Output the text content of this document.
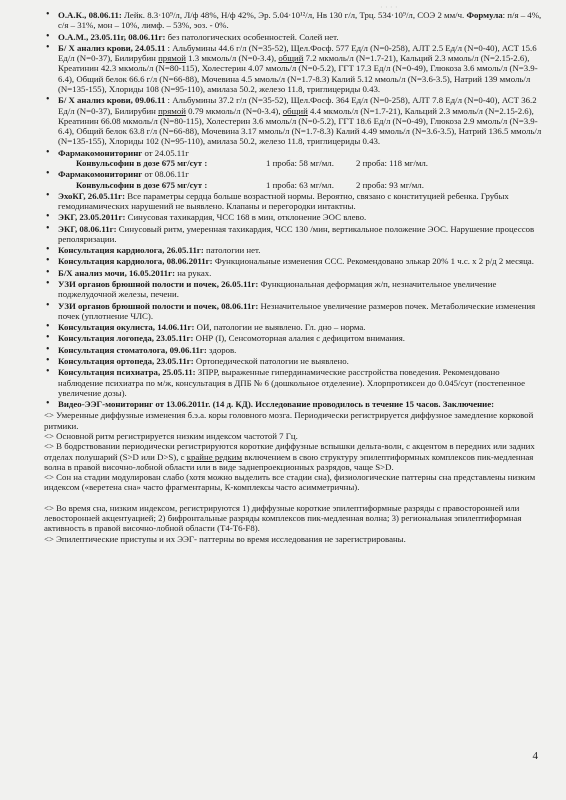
· · · ·
• О.А.К., 08.06.11: Лейк. 8.3·10⁹/л, Л/ф 48%, Н/ф 42%, Эр. 5.04·10¹²/л, Нв 130 г/л, Трц. 534·10⁹/л, СОЭ 2 мм/ч. Формула: п/я – 4%, с/я – 31%, мон – 10%, лимф. – 53%, эоз. - 0%.
• О.А.М., 23.05.11г, 08.06.11г: без патологических особенностей. Солей нет.
• Б/ Х анализ крови, 24.05.11 : Альбумины 44.6 г/л (N=35-52), Щел.Фосф. 577 Ед/л (N=0-258), АЛТ 2.5 Ед/л (N=0-40), АСТ 15.6 Ед/л (N=0-37), Билирубин прямой 1.3 мкмоль/л (N=0-3.4), общий 7.2 мкмоль/л (N=1.7-21), Кальций 2.3 ммоль/л (N=2.15-2.6), Креатинин 42.3 мкмоль/л (N=80-115), Холестерин 4.07 ммоль/л (N=0-5.2), ГГТ 17.3 Ед/л (N=0-49), Глюкоза 3.6 ммоль/л (N=3.9-6.4), Общий белок 66.6 г/л (N=66-88), Мочевина 4.5 ммоль/л (N=1.7-8.3) Калий 5.12 ммоль/л (N=3.6-3.5), Натрий 139 ммоль/л (N=135-155), Хлориды 108 (N=95-110), амилаза 50.2, железо 11.8, триглицериды 0.43.
• Б/ Х анализ крови, 09.06.11 : Альбумины 37.2 г/л (N=35-52), Щел.Фосф. 364 Ед/л (N=0-258), АЛТ 7.8 Ед/л (N=0-40), АСТ 36.2 Ед/л (N=0-37), Билирубин прямой 0.79 мкмоль/л (N=0-3.4), общий 4.4 мкмоль/л (N=1.7-21), Кальций 2.3 ммоль/л (N=2.15-2.6), Креатинин 66.08 мкмоль/л (N=80-115), Холестерин 3.6 ммоль/л (N=0-5.2), ГГТ 18.6 Ед/л (N=0-49), Глюкоза 2.9 ммоль/л (N=3.9-6.4), Общий белок 63.8 г/л (N=66-88), Мочевина 3.17 ммоль/л (N=1.7-8.3) Калий 4.49 ммоль/л (N=3.6-3.5), Натрий 136.5 ммоль/л (N=135-155), Хлориды 102 (N=95-110), амилаза 50.2, железо 11.8, триглицериды 0.43.
• Фармакомониторинг от 24.05.11г
Конвульсофин в дозе 675 мг/сут :	1 проба: 58 мг/мл.	2 проба: 118 мг/мл.
• Фармакомониторинг от 08.06.11г
Конвульсофин в дозе 675 мг/сут :	1 проба: 63 мг/мл.	2 проба: 93 мг/мл.
• ЭхоКГ, 26.05.11г: Все параметры сердца больше возрастной нормы. Вероятно, связано с конституцией ребенка. Грубых гемодинамических нарушений не выявлено. Клапаны и перегородки интактны.
• ЭКГ, 23.05.2011г: Синусовая тахикардия, ЧСС 168 в мин, отклонение ЭОС влево.
• ЭКГ, 08.06.11г: Синусовый ритм, умеренная тахикардия, ЧСС 130 /мин, вертикальное положение ЭОС. Нарушение процессов реполяризации.
• Консультация кардиолога, 26.05.11г: патологии нет.
• Консультация кардиолога, 08.06.2011г: Функциональные изменения ССС. Рекомендовано элькар 20% 1 ч.с. х 2 р/д 2 месяца.
• Б/Х анализ мочи, 16.05.2011г: на руках.
• УЗИ органов брюшной полости и почек, 26.05.11г: Функциональная деформация ж/п, незначительное увеличение поджелудочной железы, печени.
• УЗИ органов брюшной полости и почек, 08.06.11г: Незначительное увеличение размеров почек. Метаболические изменения почек (уплотнение ЧЛС).
• Консультация окулиста, 14.06.11г: ОИ, патологии не выявлено. Гл. дно – норма.
• Консультация логопеда, 23.05.11г: ОНР (I), Сенсомоторная алалия с дефицитом внимания.
• Консультация стоматолога, 09.06.11г: здоров.
• Консультация ортопеда, 23.05.11г: Ортопедической патологии не выявлено.
• Консультация психиатра, 25.05.11: ЗПРР, выраженные гипердинамические расстройства поведения. Рекомендовано наблюдение психиатра по м/ж, консультация в ДПБ № 6 (дошкольное отделение). Хлорпротиксен до 0.045/сут (постепенное увеличение дозы).
• Видео-ЭЭГ-мониторинг от 13.06.2011г. (14 д. КД). Исследование проводилось в течение 15 часов. Заключение:
<> Умеренные диффузные изменения б.э.а. коры головного мозга. Периодически регистрируется диффузное замедление корковой ритмики.
<> Основной ритм регистрируется низким индексом частотой 7 Гц.
<> В бодрствовании периодически регистрируются короткие диффузные вспышки дельта-волн, с акцентом в передних или задних отделах полушарий (S>D или D>S), с крайне редким включением в свою структуру эпилептиформных комплексов пик-медленная волна в правой височно-лобной области или в виде заднепроекционных разрядов, чаще S>D.
<> Сон на стадии модулирован слабо (хотя можно выделить все стадии сна), физиологические паттерны сна представлены низким индексом («веретена сна» часто фрагментарны, К-комплексы часто асимметричны).
<> Во время сна, низким индексом, регистрируются 1) диффузные короткие эпилептиформные разряды с правосторонней или левосторонней акцентуацией; 2) бифронтальные разряды комплексов пик-медленная волна; 3) региональная эпилептиформная активность в правой височно-лобной области (Т4-Т6-F8).
<> Эпилептические приступы и их ЭЭГ- паттерны во время исследования не зарегистрированы.
4
